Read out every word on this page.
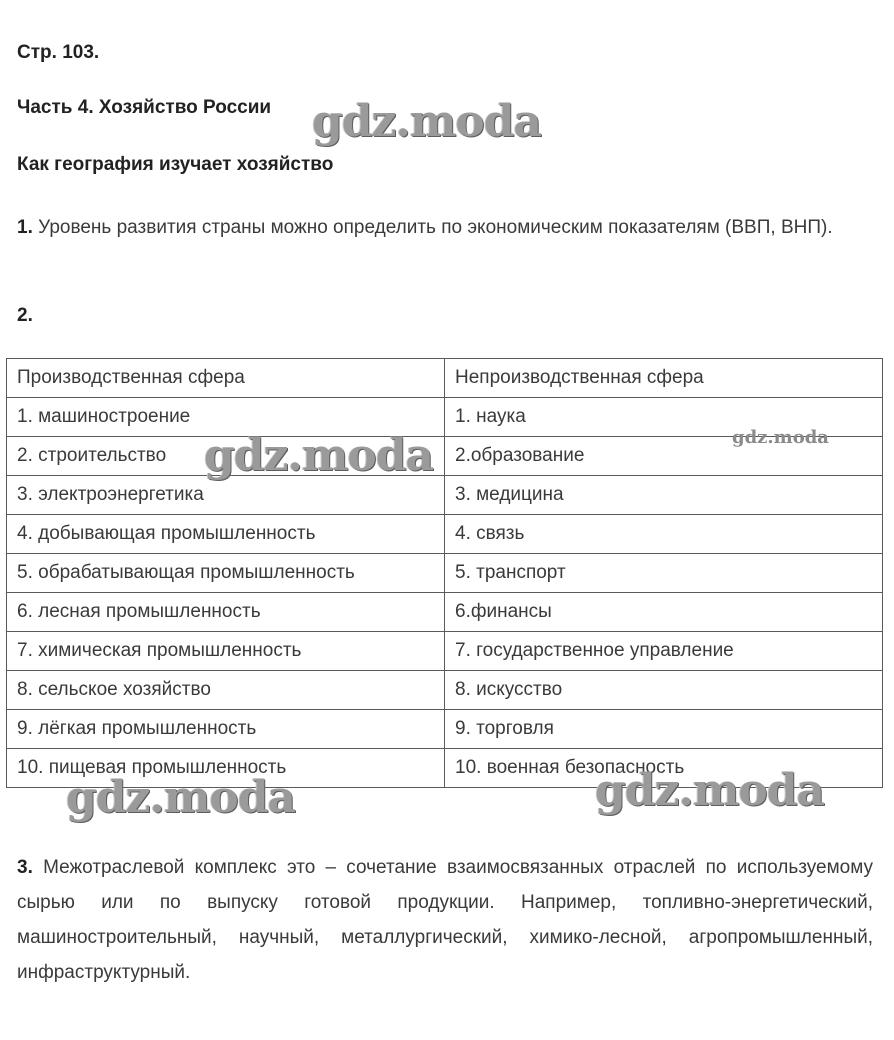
Стр. 103.
Часть 4. Хозяйство России
Как география изучает хозяйство
1. Уровень развития страны можно определить по экономическим показателям (ВВП, ВНП).
2.
Производственная сфера	Непроизводственная сфера
1. машиностроение	1. наука
2. строительство	2.образование
3. электроэнергетика	3. медицина
4. добывающая промышленность	4. связь
5. обрабатывающая промышленность	5. транспорт
6. лесная промышленность	6.финансы
7. химическая промышленность	7. государственное управление
8. сельское хозяйство	8. искусство
9. лёгкая промышленность	9. торговля
10. пищевая промышленность	10. военная безопасность
3. Межотраслевой комплекс это – сочетание взаимосвязанных отраслей по используемому сырью или по выпуску готовой продукции. Например, топливно-энергетический, машиностроительный, научный, металлургический, химико-лесной, агропромышленный, инфраструктурный.
gdz.moda
gdz.moda	gdz.moda
gdz.moda	gdz.moda
